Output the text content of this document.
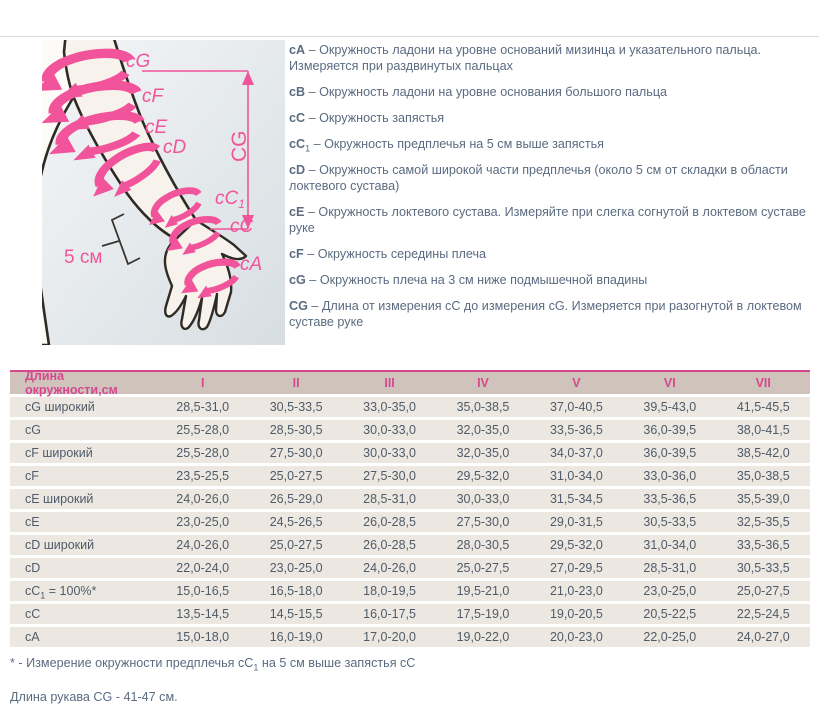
CG
5 см
cG
cF
cE
cD
$cC_1$
cC
cA

cA – Окружность ладони на уровне оснований мизинца и указательного пальца. Измеряется при раздвинутых пальцах

cB – Окружность ладони на уровне основания большого пальца

cC – Окружность запястья

$cC_1$ – Окружность предплечья на 5 см выше запястья

cD – Окружность самой широкой части предплечья (около 5 см от складки в области локтевого сустава)

cE – Окружность локтевого сустава. Измеряйте при слегка согнутой в локтевом суставе руке

cF – Окружность середины плеча

cG – Окружность плеча на 3 см ниже подмышечной впадины

CG – Длина от измерения cC до измерения cG. Измеряется при разогнутой в локтевом суставе руке

Длина окружности,см	I	II	III	IV	V	VI	VII
cG широкий	28,5-31,0	30,5-33,5	33,0-35,0	35,0-38,5	37,0-40,5	39,5-43,0	41,5-45,5
cG	25,5-28,0	28,5-30,5	30,0-33,0	32,0-35,0	33,5-36,5	36,0-39,5	38,0-41,5
cF широкий	25,5-28,0	27,5-30,0	30,0-33,0	32,0-35,0	34,0-37,0	36,0-39,5	38,5-42,0
cF	23,5-25,5	25,0-27,5	27,5-30,0	29,5-32,0	31,0-34,0	33,0-36,0	35,0-38,5
cE широкий	24,0-26,0	26,5-29,0	28,5-31,0	30,0-33,0	31,5-34,5	33,5-36,5	35,5-39,0
cE	23,0-25,0	24,5-26,5	26,0-28,5	27,5-30,0	29,0-31,5	30,5-33,5	32,5-35,5
cD широкий	24,0-26,0	25,0-27,5	26,0-28,5	28,0-30,5	29,5-32,0	31,0-34,0	33,5-36,5
cD	22,0-24,0	23,0-25,0	24,0-26,0	25,0-27,5	27,0-29,5	28,5-31,0	30,5-33,5
$cC_1 = 100\%*$	15,0-16,5	16,5-18,0	18,0-19,5	19,5-21,0	21,0-23,0	23,0-25,0	25,0-27,5
cC	13,5-14,5	14,5-15,5	16,0-17,5	17,5-19,0	19,0-20,5	20,5-22,5	22,5-24,5
cA	15,0-18,0	16,0-19,0	17,0-20,0	19,0-22,0	20,0-23,0	22,0-25,0	24,0-27,0

* - Измерение окружности предплечья $cC_1$ на 5 см выше запястья cC

Длина рукава CG - 41-47 см.
